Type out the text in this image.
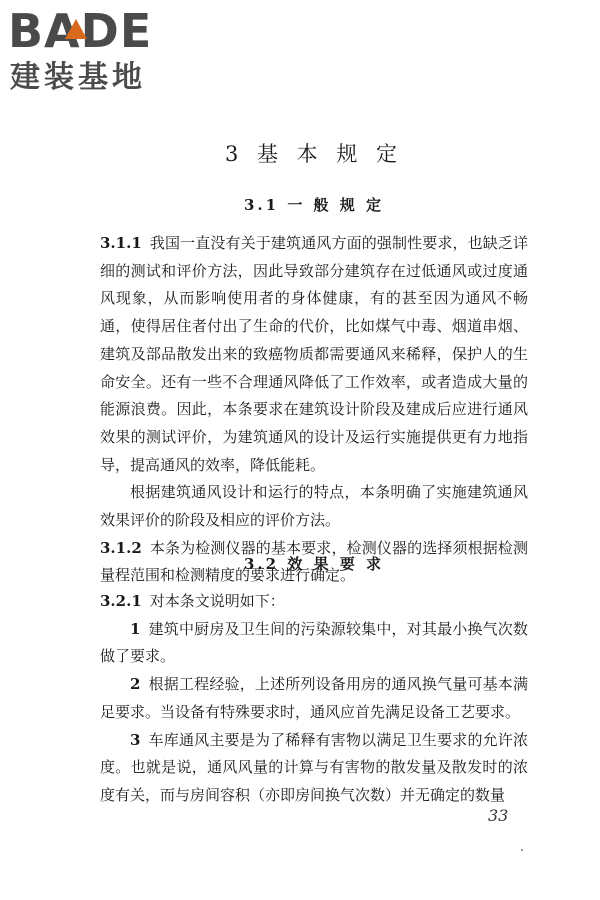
BADE
建装基地
3 基 本 规 定
3.1 一 般 规 定

3.1.1 我国一直没有关于建筑通风方面的强制性要求，也缺乏详细的测试和评价方法，因此导致部分建筑存在过低通风或过度通风现象，从而影响使用者的身体健康，有的甚至因为通风不畅通，使得居住者付出了生命的代价，比如煤气中毒、烟道串烟、建筑及部品散发出来的致癌物质都需要通风来稀释，保护人的生命安全。还有一些不合理通风降低了工作效率，或者造成大量的能源浪费。因此，本条要求在建筑设计阶段及建成后应进行通风效果的测试评价，为建筑通风的设计及运行实施提供更有力地指导，提高通风的效率，降低能耗。

根据建筑通风设计和运行的特点，本条明确了实施建筑通风效果评价的阶段及相应的评价方法。

3.1.2 本条为检测仪器的基本要求，检测仪器的选择须根据检测量程范围和检测精度的要求进行确定。

3.2 效 果 要 求

3.2.1 对本条文说明如下：

1 建筑中厨房及卫生间的污染源较集中，对其最小换气次数做了要求。

2 根据工程经验，上述所列设备用房的通风换气量可基本满足要求。当设备有特殊要求时，通风应首先满足设备工艺要求。

3 车库通风主要是为了稀释有害物以满足卫生要求的允许浓度。也就是说，通风风量的计算与有害物的散发量及散发时的浓度有关，而与房间容积（亦即房间换气次数）并无确定的数量

33
